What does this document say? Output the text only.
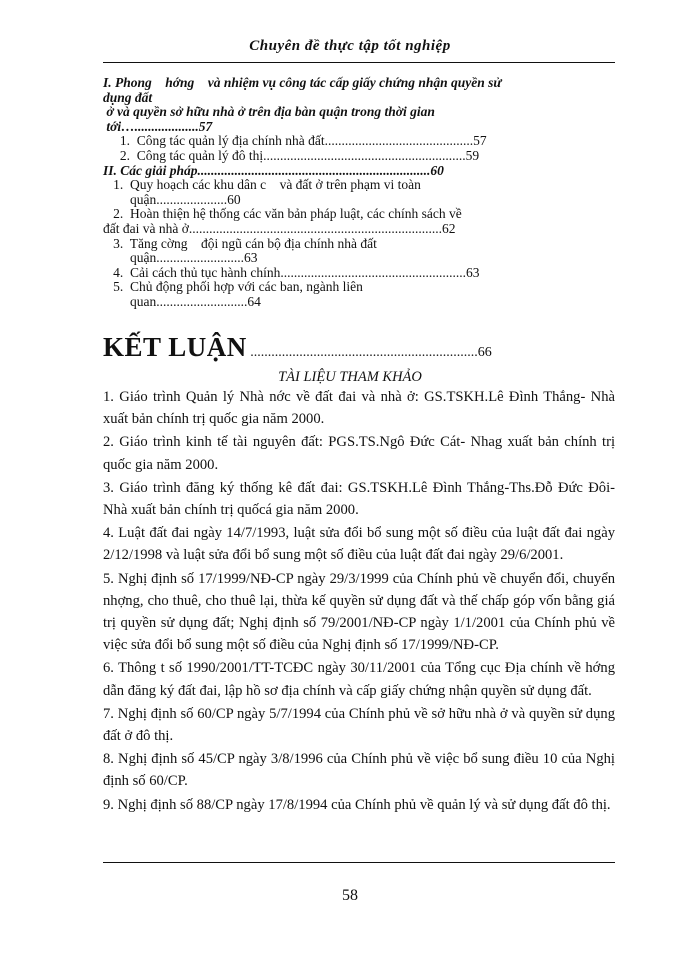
Chuyên đề thực tập tốt nghiệp
I. Phong    hớng    và nhiệm vụ công tác cấp giấy chứng nhận quyền sử
dụng đất
ở và quyền sở hữu nhà ở trên địa bàn quận trong thời gian
tới…...................57
1.  Công tác quản lý địa chính nhà đất............................................57
2.  Công tác quản lý đô thị............................................................59
II. Các giải pháp.....................................................................60
1.  Quy hoạch các khu dân c    và đất ở trên phạm vi toàn
quận.....................60
2.  Hoàn thiện hệ thống các văn bản pháp luật, các chính sách về
đất đai và nhà ở...........................................................................62
3.  Tăng cờng    đội ngũ cán bộ địa chính nhà đất
quận..........................63
4.  Cải cách thủ tục hành chính.......................................................63
5.  Chủ động phối hợp với các ban, ngành liên
quan...........................64
KẾT LUẬN .................................................................66
TÀI LIỆU THAM KHẢO

1. Giáo trình Quản lý Nhà nớc về đất đai và nhà ở: GS.TSKH.Lê Đình Thắng- Nhà xuất bản chính trị quốc gia năm 2000.

2. Giáo trình kinh tế tài nguyên đất: PGS.TS.Ngô Đức Cát- Nhag xuất bản chính trị quốc gia năm 2000.

3. Giáo trình đăng ký thống kê đất đai: GS.TSKH.Lê Đình Thắng-Ths.Đỗ Đức Đôi- Nhà xuất bản chính trị quốcá gia năm 2000.

4. Luật đất đai ngày 14/7/1993, luật sửa đổi bổ sung một số điều của luật đất đai ngày 2/12/1998 và luật sửa đổi bổ sung một số điều của luật đất đai ngày 29/6/2001.

5. Nghị định số 17/1999/NĐ-CP ngày 29/3/1999 của Chính phủ về chuyển đổi, chuyển nhợng, cho thuê, cho thuê lại, thừa kế quyền sử dụng đất và thế chấp góp vốn bằng giá trị quyền sử dụng đất; Nghị định số 79/2001/NĐ-CP ngày 1/1/2001 của Chính phủ về việc sửa đổi bổ sung một số điều của Nghị định số 17/1999/NĐ-CP.

6. Thông t số 1990/2001/TT-TCĐC ngày 30/11/2001 của Tổng cục Địa chính về hớng dẫn đăng ký đất đai, lập hồ sơ địa chính và cấp giấy chứng nhận quyền sử dụng đất.

7. Nghị định số 60/CP ngày 5/7/1994 của Chính phủ về sở hữu nhà ở và quyền sử dụng đất ở đô thị.

8. Nghị định số 45/CP ngày 3/8/1996 của Chính phủ về việc bổ sung điều 10 của Nghị định số 60/CP.

9. Nghị định số 88/CP ngày 17/8/1994 của Chính phủ về quản lý và sử dụng đất đô thị.

58
